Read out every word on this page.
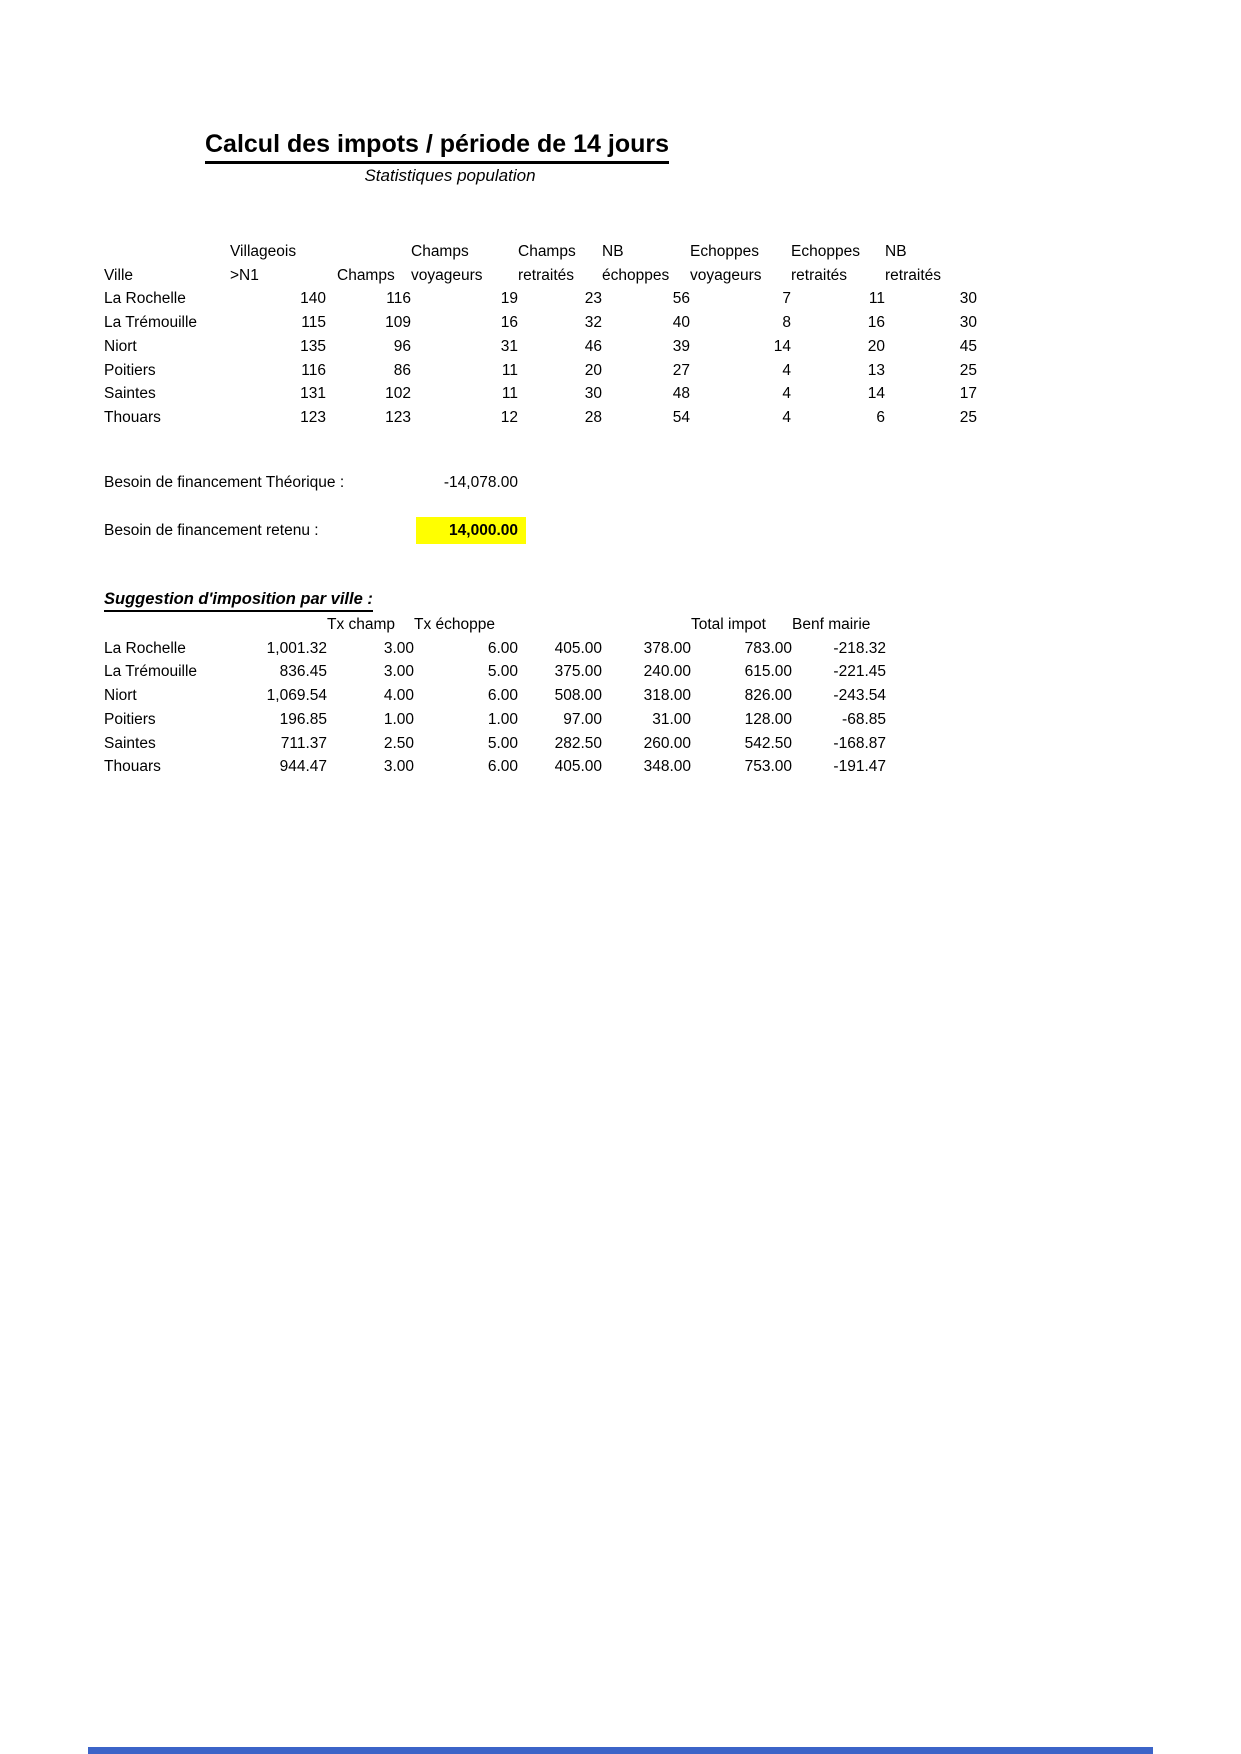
Calcul des impots / période de 14 jours
Statistiques population
	Villageois		Champs	Champs	NB	Echoppes	Echoppes	NB
Ville	>N1	Champs	voyageurs	retraités	échoppes	voyageurs	retraités	retraités
La Rochelle	140	116	19	23	56	7	11	30
La Trémouille	115	109	16	32	40	8	16	30
Niort	135	96	31	46	39	14	20	45
Poitiers	116	86	11	20	27	4	13	25
Saintes	131	102	11	30	48	4	14	17
Thouars	123	123	12	28	54	4	6	25
Besoin de financement Théorique :	-14,078.00
Besoin de financement retenu :	14,000.00
Suggestion d'imposition par ville :
		Tx champ	Tx échoppe			Total impot	Benf mairie
La Rochelle	1,001.32	3.00	6.00	405.00	378.00	783.00	-218.32
La Trémouille	836.45	3.00	5.00	375.00	240.00	615.00	-221.45
Niort	1,069.54	4.00	6.00	508.00	318.00	826.00	-243.54
Poitiers	196.85	1.00	1.00	97.00	31.00	128.00	-68.85
Saintes	711.37	2.50	5.00	282.50	260.00	542.50	-168.87
Thouars	944.47	3.00	6.00	405.00	348.00	753.00	-191.47
